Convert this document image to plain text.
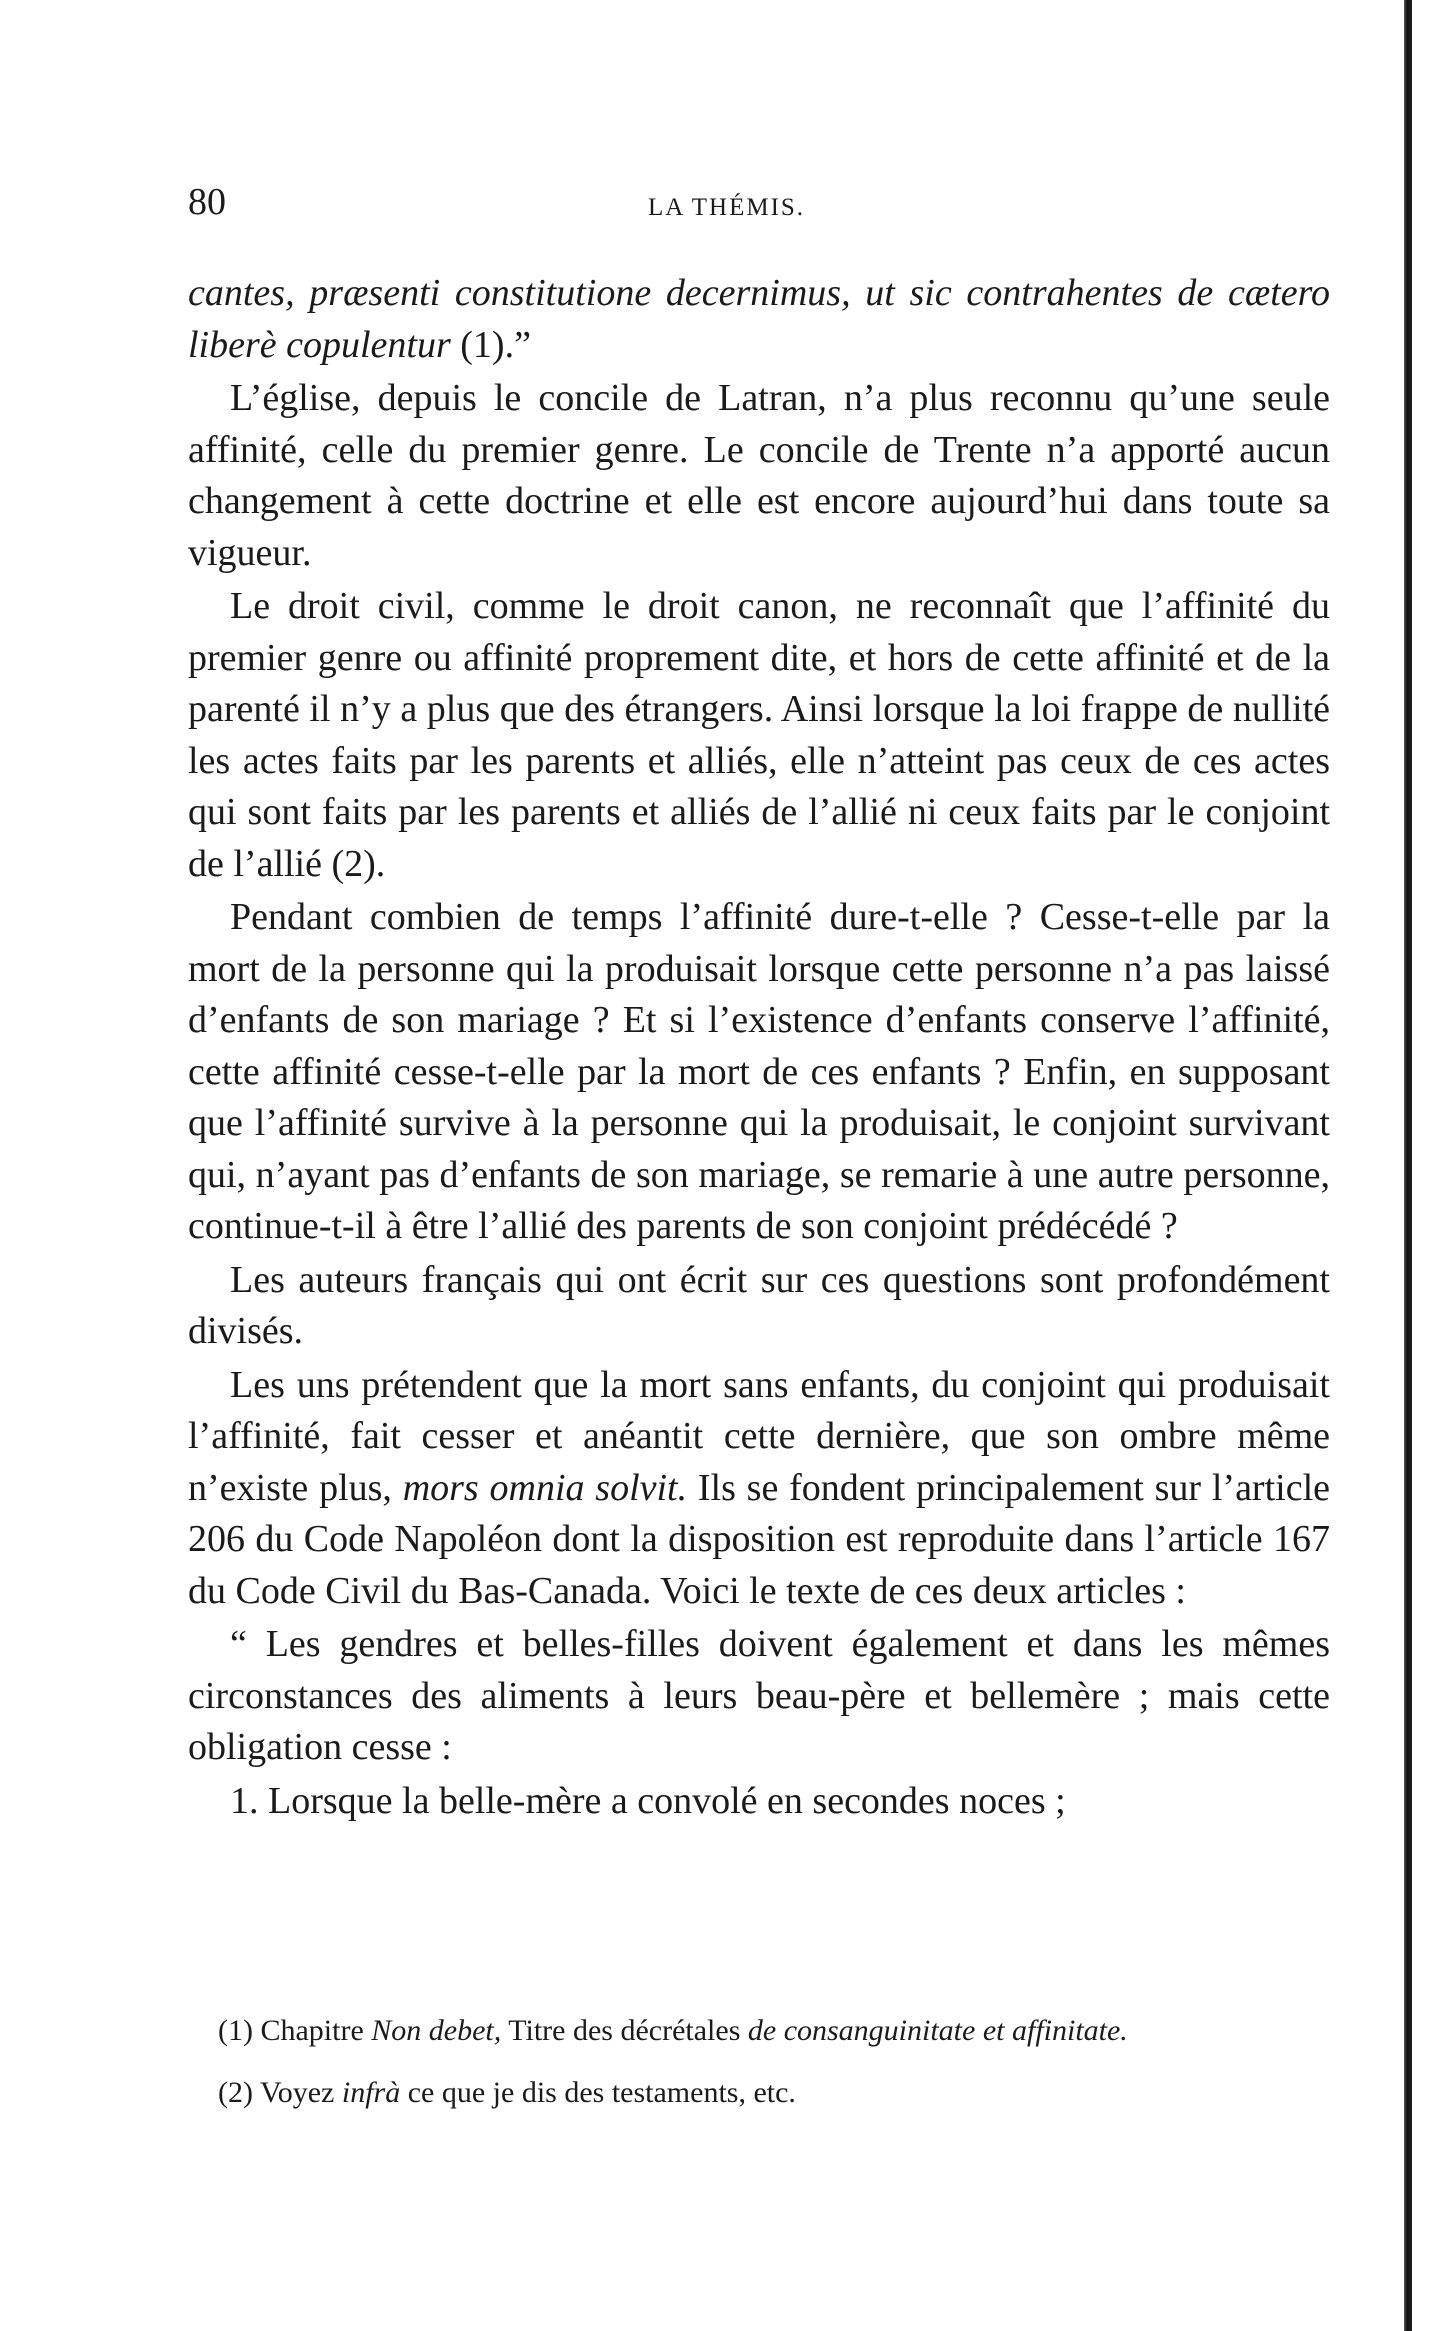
80	LA THÉMIS.

cantes, præsenti constitutione decernimus, ut sic contrahentes de cætero liberè copulentur (1).”

L’église, depuis le concile de Latran, n’a plus reconnu qu’une seule affinité, celle du premier genre. Le concile de Trente n’a apporté aucun changement à cette doctrine et elle est encore aujourd’hui dans toute sa vigueur.

Le droit civil, comme le droit canon, ne reconnaît que l’affinité du premier genre ou affinité proprement dite, et hors de cette affinité et de la parenté il n’y a plus que des étrangers. Ainsi lorsque la loi frappe de nullité les actes faits par les parents et alliés, elle n’atteint pas ceux de ces actes qui sont faits par les parents et alliés de l’allié ni ceux faits par le conjoint de l’allié (2).

Pendant combien de temps l’affinité dure-t-elle ? Cesse-t-elle par la mort de la personne qui la produisait lorsque cette personne n’a pas laissé d’enfants de son mariage ? Et si l’existence d’enfants conserve l’affinité, cette affinité cesse-t-elle par la mort de ces enfants ? Enfin, en supposant que l’affinité survive à la personne qui la produisait, le conjoint survivant qui, n’ayant pas d’enfants de son mariage, se remarie à une autre personne, continue-t-il à être l’allié des parents de son conjoint prédécédé ?

Les auteurs français qui ont écrit sur ces questions sont profondément divisés.

Les uns prétendent que la mort sans enfants, du conjoint qui produisait l’affinité, fait cesser et anéantit cette dernière, que son ombre même n’existe plus, mors omnia solvit. Ils se fondent principalement sur l’article 206 du Code Napoléon dont la disposition est reproduite dans l’article 167 du Code Civil du Bas-Canada. Voici le texte de ces deux articles :

“ Les gendres et belles-filles doivent également et dans les mêmes circonstances des aliments à leurs beau-père et bellemère ; mais cette obligation cesse :

1. Lorsque la belle-mère a convolé en secondes noces ;

(1) Chapitre Non debet, Titre des décrétales de consanguinitate et affinitate.

(2) Voyez infrà ce que je dis des testaments, etc.
